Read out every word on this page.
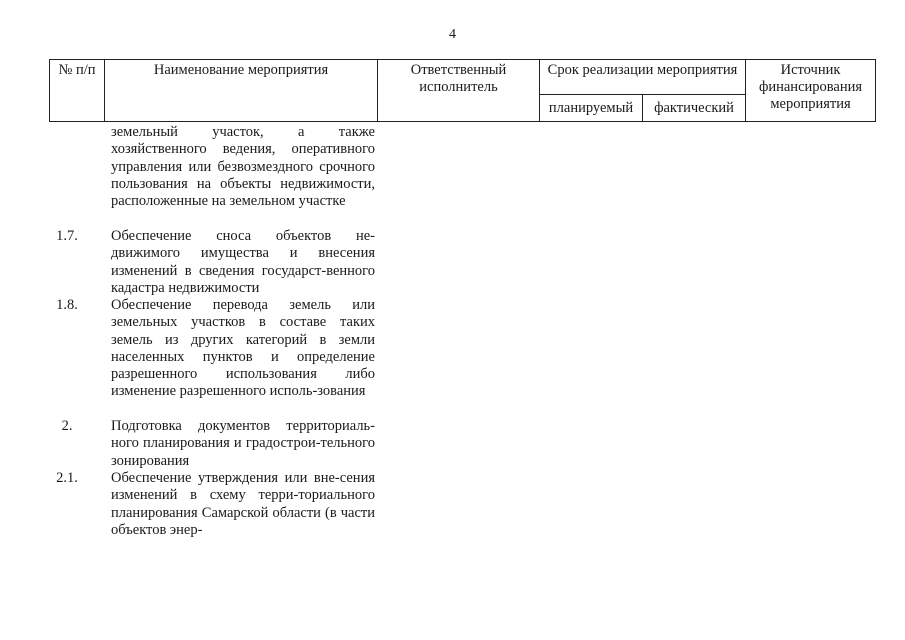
4
№ п/п	Наименование мероприятия	Ответственный исполнитель	Срок реализации мероприятия		Источник финансирования мероприятия
			планируемый	фактический	
земельный участок, а также хозяйственного ведения, оперативного управления или безвозмездного срочного пользования на объекты недвижимости, расположенные на земельном участке
1.7.	Обеспечение сноса объектов не-движимого имущества и внесения изменений в сведения государст-венного кадастра недвижимости
1.8.	Обеспечение перевода земель или земельных участков в составе таких земель из других категорий в земли населенных пунктов и определение разрешенного использования либо изменение разрешенного исполь-зования
2.	Подготовка документов территориаль-ного планирования и градострои-тельного зонирования
2.1.	Обеспечение утверждения или вне-сения изменений в схему терри-ториального планирования Самарской области (в части объектов энер-
